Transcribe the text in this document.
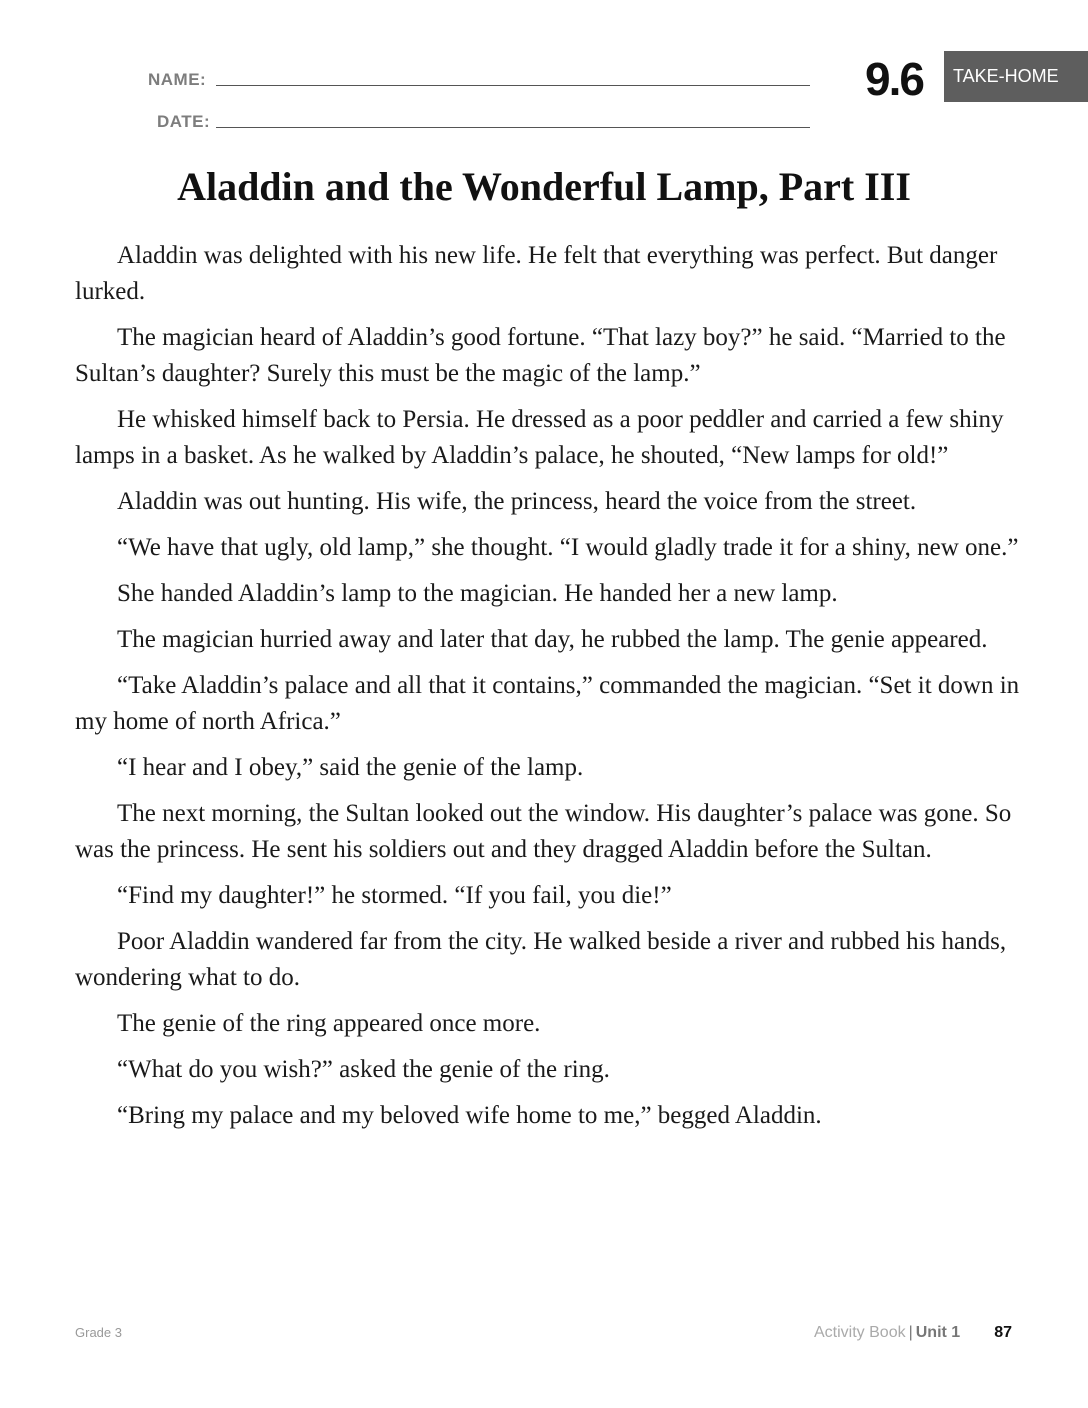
NAME:
DATE:
9.6	TAKE-HOME
Aladdin and the Wonderful Lamp, Part III

Aladdin was delighted with his new life. He felt that everything was perfect. But danger lurked.

The magician heard of Aladdin’s good fortune. “That lazy boy?” he said. “Married to the Sultan’s daughter? Surely this must be the magic of the lamp.”

He whisked himself back to Persia. He dressed as a poor peddler and carried a few shiny lamps in a basket. As he walked by Aladdin’s palace, he shouted, “New lamps for old!”

Aladdin was out hunting. His wife, the princess, heard the voice from the street.

“We have that ugly, old lamp,” she thought. “I would gladly trade it for a shiny, new one.”

She handed Aladdin’s lamp to the magician. He handed her a new lamp.

The magician hurried away and later that day, he rubbed the lamp. The genie appeared.

“Take Aladdin’s palace and all that it contains,” commanded the magician. “Set it down in my home of north Africa.”

“I hear and I obey,” said the genie of the lamp.

The next morning, the Sultan looked out the window. His daughter’s palace was gone. So was the princess. He sent his soldiers out and they dragged Aladdin before the Sultan.

“Find my daughter!” he stormed. “If you fail, you die!”

Poor Aladdin wandered far from the city. He walked beside a river and rubbed his hands, wondering what to do.

The genie of the ring appeared once more.

“What do you wish?” asked the genie of the ring.

“Bring my palace and my beloved wife home to me,” begged Aladdin.

Grade 3	Activity Book | Unit 1 87
